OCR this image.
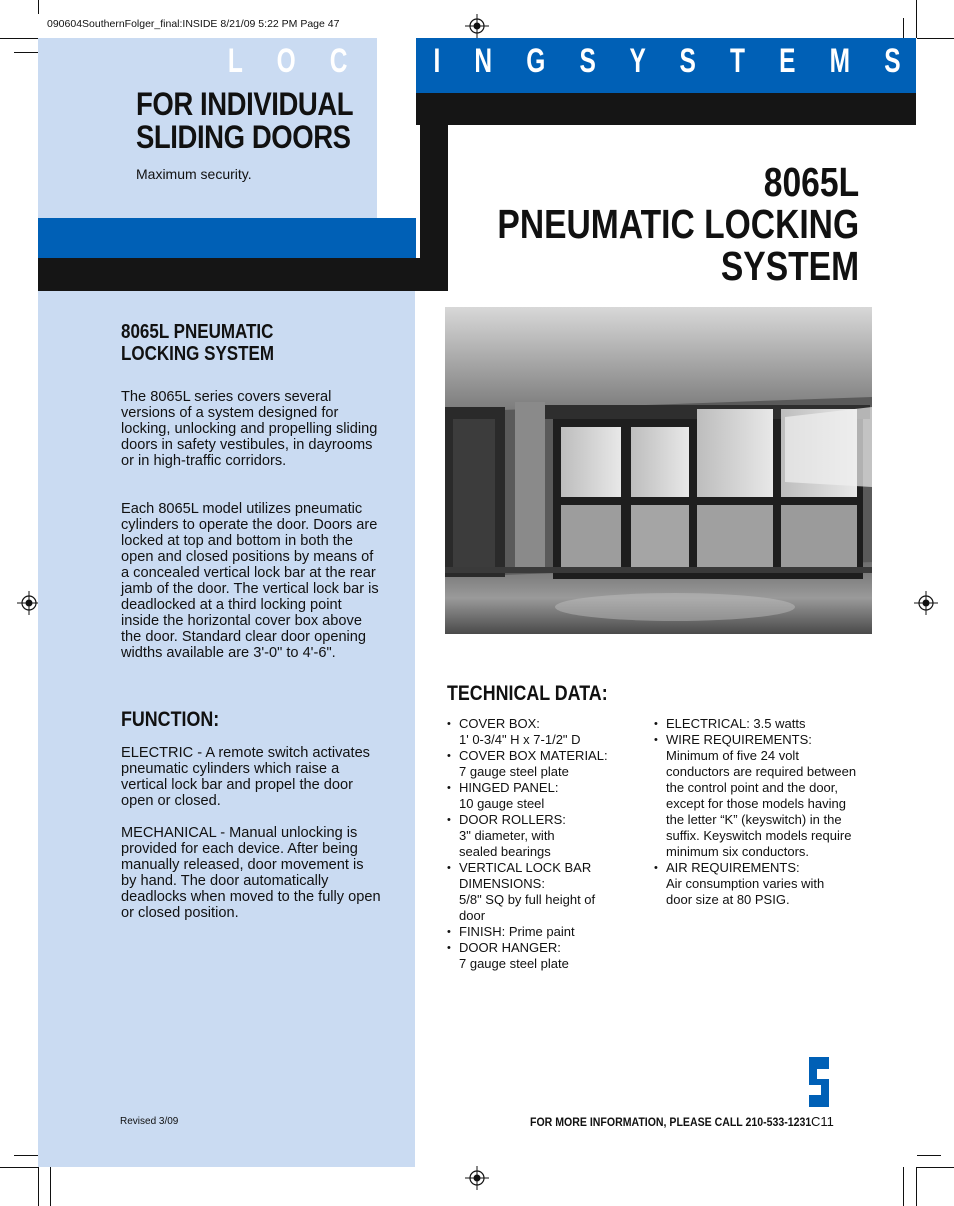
090604SouthernFolger_final:INSIDE 8/21/09 5:22 PM Page 47
L O C K I N G S Y S T E M S
FOR INDIVIDUAL
SLIDING DOORS
Maximum security.	8065L
PNEUMATIC LOCKING
SYSTEM
8065L PNEUMATIC
LOCKING SYSTEM
The 8065L series covers several versions of a system designed for locking, unlocking and propelling sliding doors in safety vestibules, in dayrooms or in high-traffic corridors.
Each 8065L model utilizes pneumatic cylinders to operate the door. Doors are locked at top and bottom in both the open and closed positions by means of a concealed vertical lock bar at the rear jamb of the door. The vertical lock bar is deadlocked at a third locking point inside the horizontal cover box above the door. Standard clear door opening widths available are 3'-0" to 4'-6".
FUNCTION:
ELECTRIC - A remote switch activates pneumatic cylinders which raise a vertical lock bar and propel the door open or closed.
MECHANICAL - Manual unlocking is provided for each device. After being manually released, door movement is by hand. The door automatically deadlocks when moved to the fully open or closed position.
Revised 3/09
TECHNICAL DATA:
• COVER BOX:
1' 0-3/4" H x 7-1/2" D
• COVER BOX MATERIAL:
7 gauge steel plate
• HINGED PANEL:
10 gauge steel
• DOOR ROLLERS:
3" diameter, with sealed bearings
• VERTICAL LOCK BAR DIMENSIONS:
5/8" SQ by full height of door
• FINISH: Prime paint
• DOOR HANGER:
7 gauge steel plate
• ELECTRICAL: 3.5 watts
• WIRE REQUIREMENTS:
Minimum of five 24 volt conductors are required between the control point and the door, except for those models having the letter “K” (keyswitch) in the suffix. Keyswitch models require minimum six conductors.
• AIR REQUIREMENTS:
Air consumption varies with door size at 80 PSIG.
FOR MORE INFORMATION, PLEASE CALL 210-533-1231 C11
